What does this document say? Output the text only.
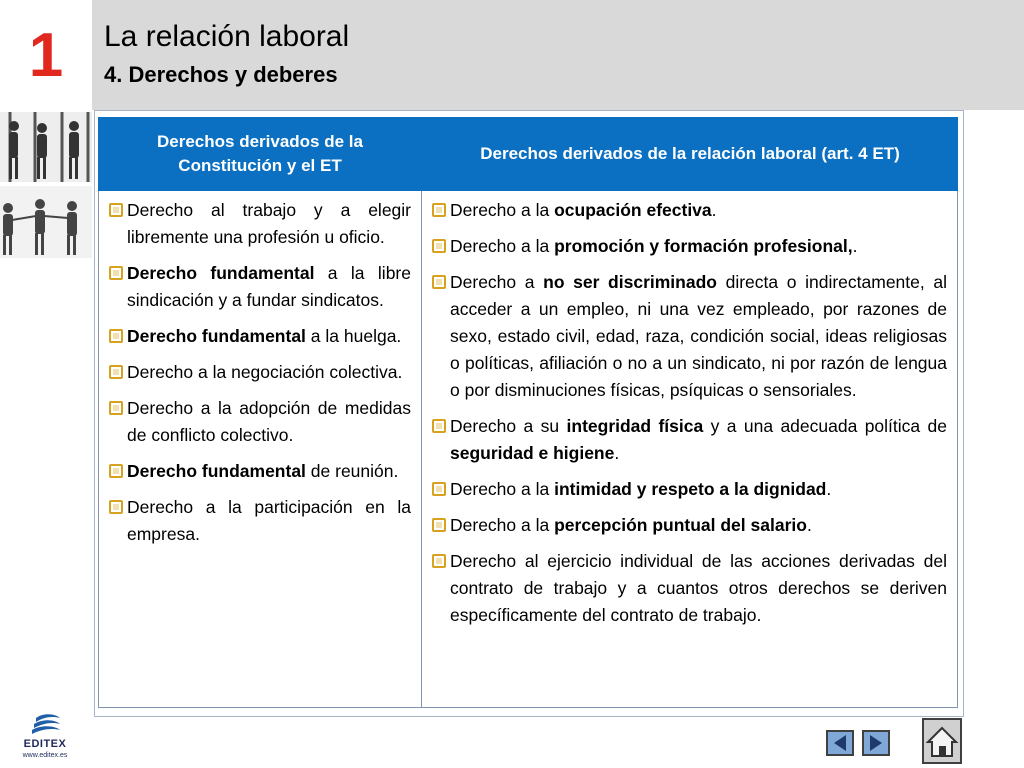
1 La relación laboral
4. Derechos y deberes
Derechos derivados de la Constitución y el ET
Derechos derivados de la relación laboral (art. 4 ET)
Derecho al trabajo y a elegir libremente una profesión u oficio.
Derecho fundamental a la libre sindicación y a fundar sindicatos.
Derecho fundamental a la huelga.
Derecho a la negociación colectiva.
Derecho a la adopción de medidas de conflicto colectivo.
Derecho fundamental de reunión.
Derecho a la participación en la empresa.
Derecho a la ocupación efectiva.
Derecho a la promoción y formación profesional,.
Derecho a no ser discriminado directa o indirectamente, al acceder a un empleo, ni una vez empleado, por razones de sexo, estado civil, edad, raza, condición social, ideas religiosas o políticas, afiliación o no a un sindicato, ni por razón de lengua o por disminuciones físicas, psíquicas o sensoriales.
Derecho a su integridad física y a una adecuada política de seguridad e higiene.
Derecho a la intimidad y respeto a la dignidad.
Derecho a la percepción puntual del salario.
Derecho al ejercicio individual de las acciones derivadas del contrato de trabajo y a cuantos otros derechos se deriven específicamente del contrato de trabajo.
EDITEX
www.editex.es
